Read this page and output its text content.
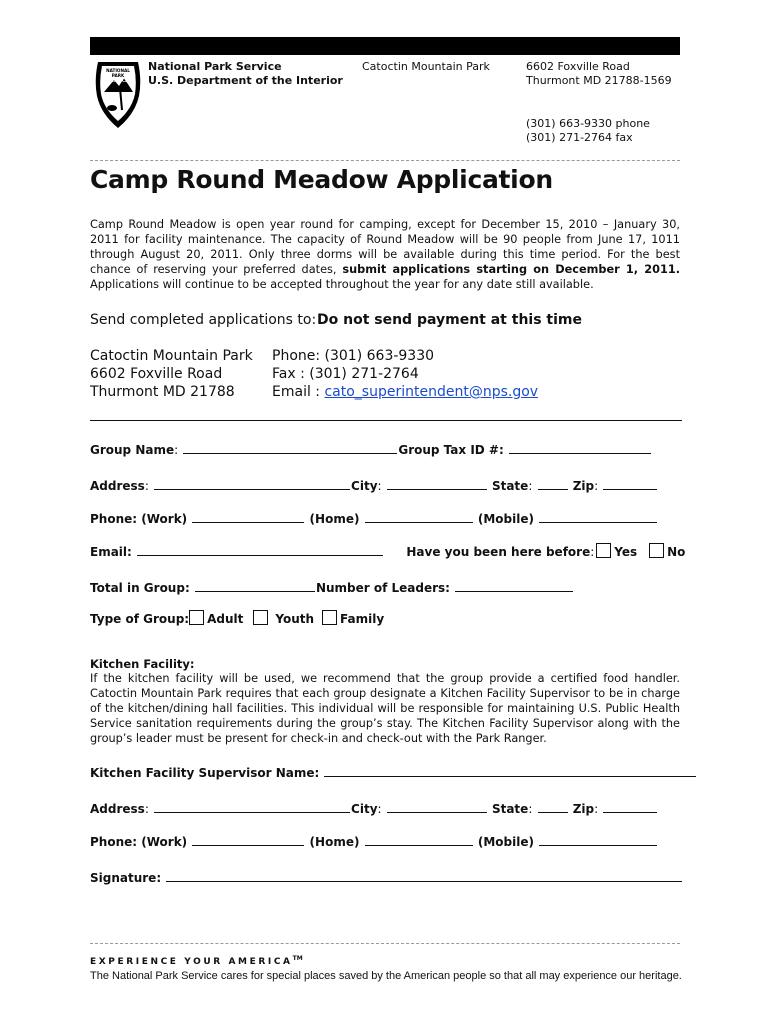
NATIONAL
PARK
SERVICE
National Park Service
U.S. Department of the Interior
Catoctin Mountain Park	6602 Foxville Road
Thurmont MD 21788-1569
(301) 663-9330 phone
(301) 271-2764 fax
Camp Round Meadow Application
Camp Round Meadow is open year round for camping, except for December 15, 2010 – January 30, 2011 for facility maintenance. The capacity of Round Meadow will be 90 people from June 17, 1011 through August 20, 2011. Only three dorms will be available during this time period. For the best chance of reserving your preferred dates, submit applications starting on December 1, 2011. Applications will continue to be accepted throughout the year for any date still available.
Send completed applications to: Do not send payment at this time
Catoctin Mountain Park
6602 Foxville Road
Thurmont MD 21788
Phone: (301) 663-9330
Fax : (301) 271-2764
Email : cato_superintendent@nps.gov
Group Name:	Group Tax ID #:
Address:	City:	State:	Zip:
Phone: (Work)	(Home)	(Mobile)
Email:	Have you been here before: Yes	No
Total in Group:	Number of Leaders:
Type of Group: Adult	Youth Family
Kitchen Facility:
If the kitchen facility will be used, we recommend that the group provide a certified food handler. Catoctin Mountain Park requires that each group designate a Kitchen Facility Supervisor to be in charge of the kitchen/dining hall facilities. This individual will be responsible for maintaining U.S. Public Health Service sanitation requirements during the group’s stay. The Kitchen Facility Supervisor along with the group’s leader must be present for check-in and check-out with the Park Ranger.
Kitchen Facility Supervisor Name:
Address:	City:	State:	Zip:
Phone: (Work)	(Home)	(Mobile)
Signature:
EXPERIENCE YOUR AMERICA™
The National Park Service cares for special places saved by the American people so that all may experience our heritage.
